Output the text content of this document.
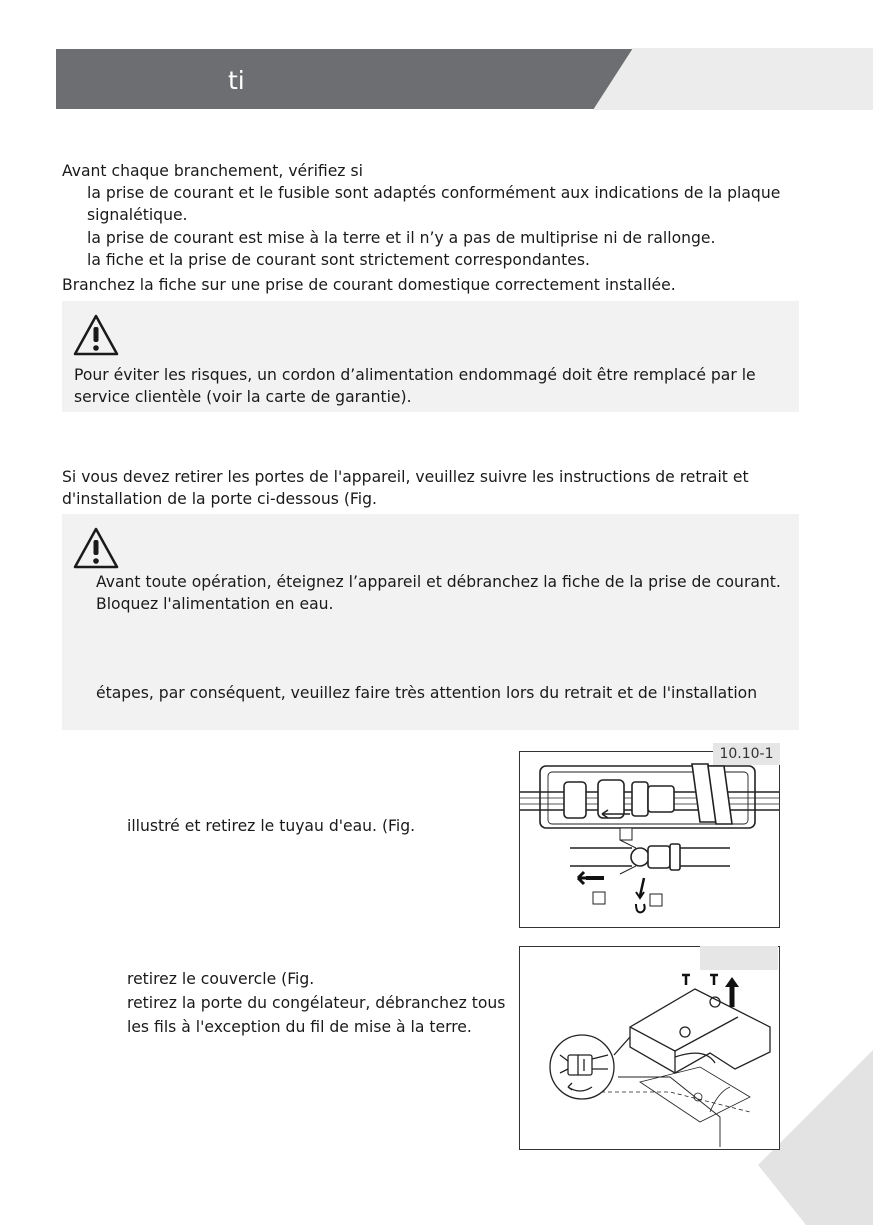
ti
Avant chaque branchement, vérifiez si
la prise de courant et le fusible sont adaptés conformément aux indications de la plaque
signalétique.
la prise de courant est mise à la terre et il n’y a pas de multiprise ni de rallonge.
la fiche et la prise de courant sont strictement correspondantes.
Branchez la fiche sur une prise de courant domestique correctement installée.
Pour éviter les risques, un cordon d’alimentation endommagé doit être remplacé par le
service clientèle (voir la carte de garantie).
Si vous devez retirer les portes de l'appareil, veuillez suivre les instructions de retrait et
d'installation de la porte ci-dessous (Fig.
Avant toute opération, éteignez l’appareil et débranchez la fiche de la prise de courant.
Bloquez l'alimentation en eau.
étapes, par conséquent, veuillez faire très attention lors du retrait et de l'installation
illustré et retirez le tuyau d'eau. (Fig.
10.10-1
retirez le couvercle (Fig.
retirez la porte du congélateur, débranchez tous
les fils à l'exception du fil de mise à la terre.
